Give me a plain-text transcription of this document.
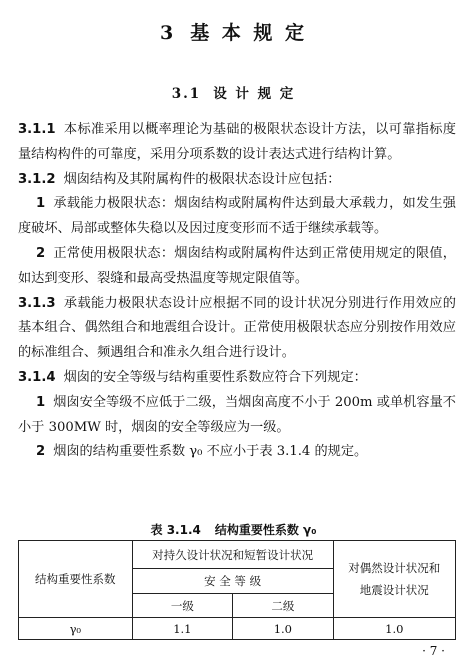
3 基 本 规 定
3.1 设 计 规 定

3.1.1 本标准采用以概率理论为基础的极限状态设计方法，以可靠指标度量结构构件的可靠度，采用分项系数的设计表达式进行结构计算。

3.1.2 烟囱结构及其附属构件的极限状态设计应包括：

1 承载能力极限状态：烟囱结构或附属构件达到最大承载力，如发生强度破坏、局部或整体失稳以及因过度变形而不适于继续承载等。

2 正常使用极限状态：烟囱结构或附属构件达到正常使用规定的限值，如达到变形、裂缝和最高受热温度等规定限值等。

3.1.3 承载能力极限状态设计应根据不同的设计状况分别进行作用效应的基本组合、偶然组合和地震组合设计。正常使用极限状态应分别按作用效应的标准组合、频遇组合和准永久组合进行设计。

3.1.4 烟囱的安全等级与结构重要性系数应符合下列规定：

1 烟囱安全等级不应低于二级，当烟囱高度不小于 200m 或单机容量不小于 300MW 时，烟囱的安全等级应为一级。

2 烟囱的结构重要性系数 γ₀ 不应小于表 3.1.4 的规定。

表 3.1.4 结构重要性系数 γ₀
结构重要性系数	对持久设计状况和短暂设计状况		对偶然设计状况和地震设计状况
	安 全 等 级		
	一级	二级	
γ₀	1.1	1.0	1.0
· 7 ·
